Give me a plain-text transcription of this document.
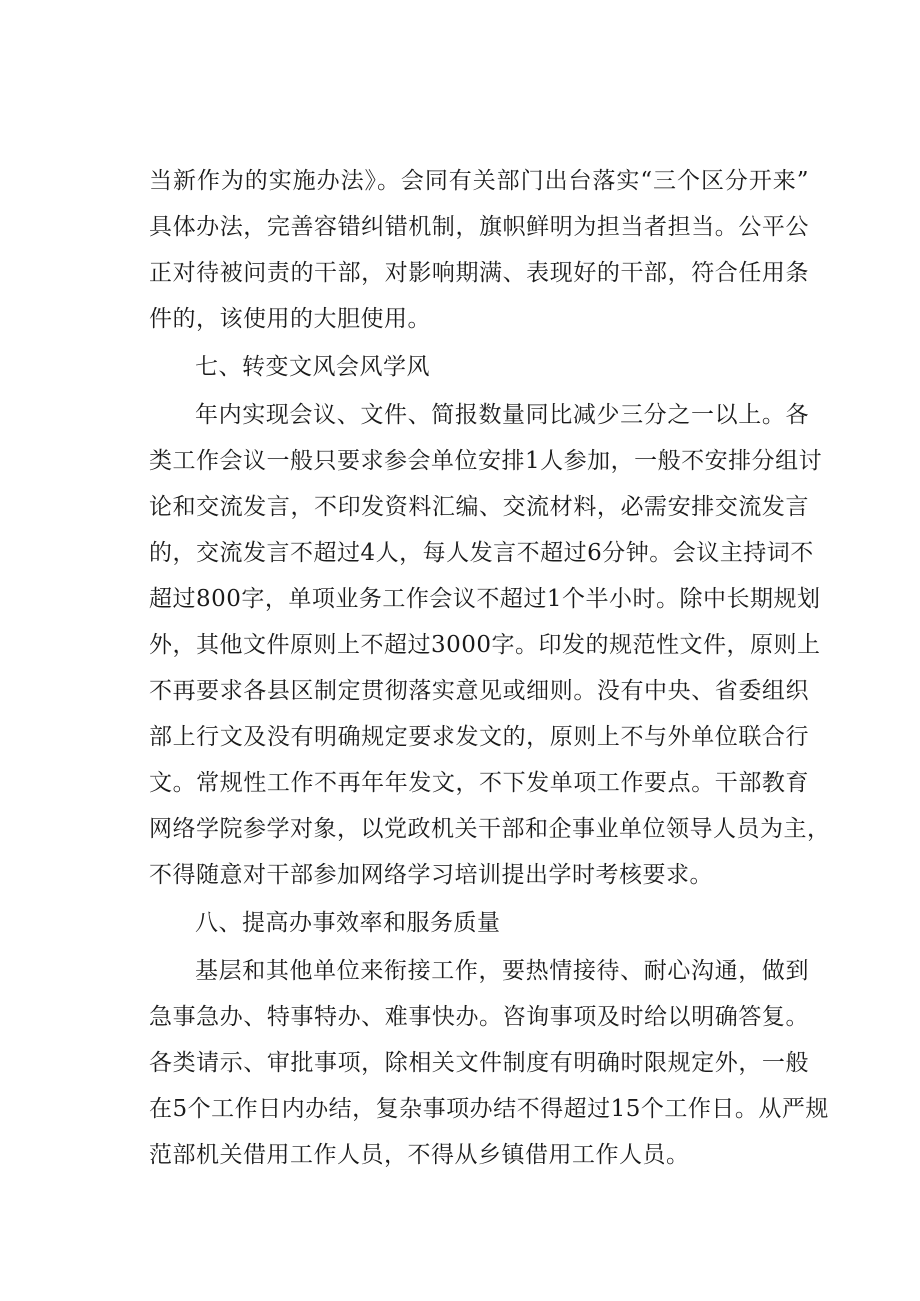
当新作为的实施办法》。会同有关部门出台落实“三个区分开来”
具体办法，完善容错纠错机制，旗帜鲜明为担当者担当。公平公
正对待被问责的干部，对影响期满、表现好的干部，符合任用条
件的，该使用的大胆使用。
七、转变文风会风学风
年内实现会议、文件、简报数量同比减少三分之一以上。各
类工作会议一般只要求参会单位安排1人参加，一般不安排分组讨
论和交流发言，不印发资料汇编、交流材料，必需安排交流发言
的，交流发言不超过4人，每人发言不超过6分钟。会议主持词不
超过800字，单项业务工作会议不超过1个半小时。除中长期规划
外，其他文件原则上不超过3000字。印发的规范性文件，原则上
不再要求各县区制定贯彻落实意见或细则。没有中央、省委组织
部上行文及没有明确规定要求发文的，原则上不与外单位联合行
文。常规性工作不再年年发文，不下发单项工作要点。干部教育
网络学院参学对象，以党政机关干部和企事业单位领导人员为主，
不得随意对干部参加网络学习培训提出学时考核要求。
八、提高办事效率和服务质量
基层和其他单位来衔接工作，要热情接待、耐心沟通，做到
急事急办、特事特办、难事快办。咨询事项及时给以明确答复。
各类请示、审批事项，除相关文件制度有明确时限规定外，一般
在5个工作日内办结，复杂事项办结不得超过15个工作日。从严规
范部机关借用工作人员，不得从乡镇借用工作人员。
